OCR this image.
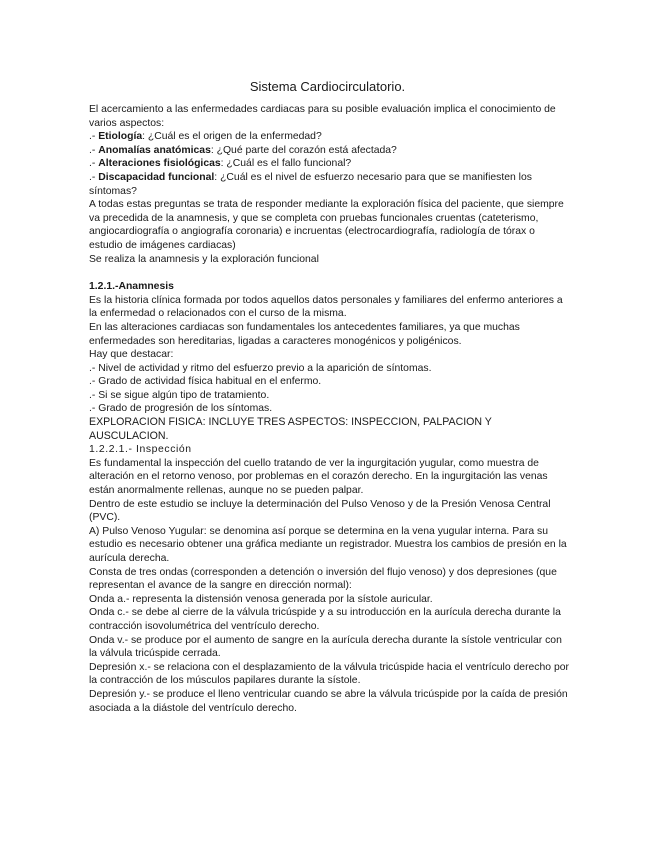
Sistema Cardiocirculatorio.

El acercamiento a las enfermedades cardiacas para su posible evaluación implica el conocimiento de varios aspectos:

.- Etiología: ¿Cuál es el origen de la enfermedad?

.- Anomalías anatómicas: ¿Qué parte del corazón está afectada?

.- Alteraciones fisiológicas: ¿Cuál es el fallo funcional?

.- Discapacidad funcional: ¿Cuál es el nivel de esfuerzo necesario para que se manifiesten los síntomas?

A todas estas preguntas se trata de responder mediante la exploración física del paciente, que siempre va precedida de la anamnesis, y que se completa con pruebas funcionales cruentas (cateterismo, angiocardiografía o angiografía coronaria) e incruentas (electrocardiografía, radiología de tórax o estudio de imágenes cardiacas)

Se realiza la anamnesis y la exploración funcional

1.2.1.-Anamnesis

Es la historia clínica formada por todos aquellos datos personales y familiares del enfermo anteriores a la enfermedad o relacionados con el curso de la misma.

En las alteraciones cardiacas son fundamentales los antecedentes familiares, ya que muchas enfermedades son hereditarias, ligadas a caracteres monogénicos y poligénicos.

Hay que destacar:

.- Nivel de actividad y ritmo del esfuerzo previo a la aparición de síntomas.

.- Grado de actividad física habitual en el enfermo.

.- Si se sigue algún tipo de tratamiento.

.- Grado de progresión de los síntomas.

EXPLORACION FISICA: INCLUYE TRES ASPECTOS: INSPECCION, PALPACION Y AUSCULACION.

1.2.2.1.- Inspección

Es fundamental la inspección del cuello tratando de ver la ingurgitación yugular, como muestra de alteración en el retorno venoso, por problemas en el corazón derecho. En la ingurgitación las venas están anormalmente rellenas, aunque no se pueden palpar.

Dentro de este estudio se incluye la determinación del Pulso Venoso y de la Presión Venosa Central (PVC).

A) Pulso Venoso Yugular: se denomina así porque se determina en la vena yugular interna. Para su estudio es necesario obtener una gráfica mediante un registrador. Muestra los cambios de presión en la aurícula derecha.

Consta de tres ondas (corresponden a detención o inversión del flujo venoso) y dos depresiones (que representan el avance de la sangre en dirección normal):

Onda a.- representa la distensión venosa generada por la sístole auricular.

Onda c.- se debe al cierre de la válvula tricúspide y a su introducción en la aurícula derecha durante la contracción isovolumétrica del ventrículo derecho.

Onda v.- se produce por el aumento de sangre en la aurícula derecha durante la sístole ventricular con la válvula tricúspide cerrada.

Depresión x.- se relaciona con el desplazamiento de la válvula tricúspide hacia el ventrículo derecho por la contracción de los músculos papilares durante la sístole.

Depresión y.- se produce el lleno ventricular cuando se abre la válvula tricúspide por la caída de presión asociada a la diástole del ventrículo derecho.
